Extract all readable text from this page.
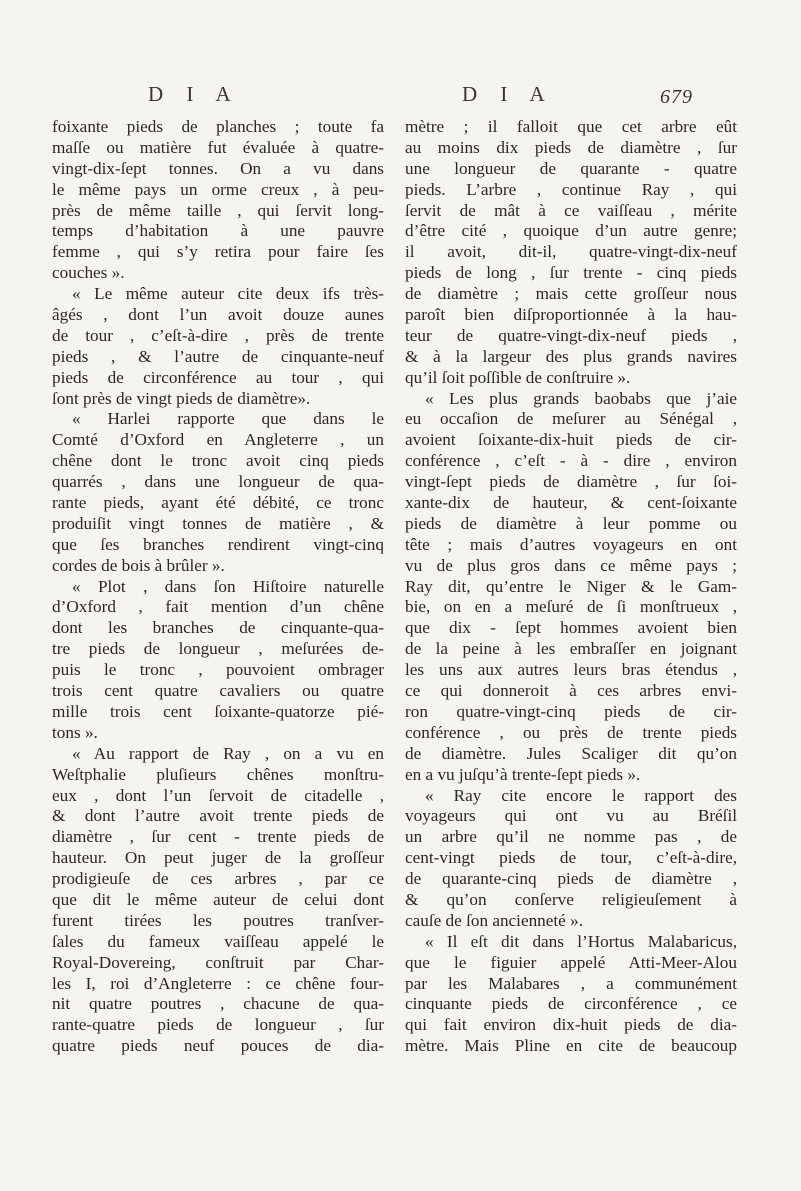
D I A	D I A	679
foixante pieds de planches ; toute fa
maſſe ou matière fut évaluée à quatre-
vingt-dix-ſept tonnes. On a vu dans
le même pays un orme creux , à peu-
près de même taille , qui ſervit long-
temps d’habitation à une pauvre
femme , qui s’y retira pour faire ſes
couches ».
« Le même auteur cite deux ifs très-
âgés , dont l’un avoit douze aunes
de tour , c’eſt-à-dire , près de trente
pieds , & l’autre de cinquante-neuf
pieds de circonférence au tour , qui
ſont près de vingt pieds de diamètre».
« Harlei rapporte que dans le
Comté d’Oxford en Angleterre , un
chêne dont le tronc avoit cinq pieds
quarrés , dans une longueur de qua-
rante pieds, ayant été débité, ce tronc
produiſit vingt tonnes de matière , &
que ſes branches rendirent vingt-cinq
cordes de bois à brûler ».
« Plot , dans ſon Hiſtoire naturelle
d’Oxford , fait mention d’un chêne
dont les branches de cinquante-qua-
tre pieds de longueur , meſurées de-
puis le tronc , pouvoient ombrager
trois cent quatre cavaliers ou quatre
mille trois cent ſoixante-quatorze pié-
tons ».
« Au rapport de Ray , on a vu en
Weſtphalie pluſieurs chênes monſtru-
eux , dont l’un ſervoit de citadelle ,
& dont l’autre avoit trente pieds de
diamètre , ſur cent - trente pieds de
hauteur. On peut juger de la groſſeur
prodigieuſe de ces arbres , par ce
que dit le même auteur de celui dont
furent tirées les poutres tranſver-
ſales du fameux vaiſſeau appelé le
Royal-Dovereing, conſtruit par Char-
les I, roi d’Angleterre : ce chêne four-
nit quatre poutres , chacune de qua-
rante-quatre pieds de longueur , ſur
quatre pieds neuf pouces de dia-
mètre ; il falloit que cet arbre eût
au moins dix pieds de diamètre , ſur
une longueur de quarante - quatre
pieds. L’arbre , continue Ray , qui
ſervit de mât à ce vaiſſeau , mérite
d’être cité , quoique d’un autre genre;
il avoit, dit-il, quatre-vingt-dix-neuf
pieds de long , ſur trente - cinq pieds
de diamètre ; mais cette groſſeur nous
paroît bien diſproportionnée à la hau-
teur de quatre-vingt-dix-neuf pieds ,
& à la largeur des plus grands navires
qu’il ſoit poſſible de conſtruire ».
« Les plus grands baobabs que j’aie
eu occaſion de meſurer au Sénégal ,
avoient ſoixante-dix-huit pieds de cir-
conférence , c’eſt - à - dire , environ
vingt-ſept pieds de diamètre , ſur ſoi-
xante-dix de hauteur, & cent-ſoixante
pieds de diamètre à leur pomme ou
tête ; mais d’autres voyageurs en ont
vu de plus gros dans ce même pays ;
Ray dit, qu’entre le Niger & le Gam-
bie, on en a meſuré de ſi monſtrueux ,
que dix - ſept hommes avoient bien
de la peine à les embraſſer en joignant
les uns aux autres leurs bras étendus ,
ce qui donneroit à ces arbres envi-
ron quatre-vingt-cinq pieds de cir-
conférence , ou près de trente pieds
de diamètre. Jules Scaliger dit qu’on
en a vu juſqu’à trente-ſept pieds ».
« Ray cite encore le rapport des
voyageurs qui ont vu au Bréſil
un arbre qu’il ne nomme pas , de
cent-vingt pieds de tour, c’eſt-à-dire,
de quarante-cinq pieds de diamètre ,
& qu’on conſerve religieuſement à
cauſe de ſon ancienneté ».
« Il eſt dit dans l’Hortus Malabaricus,
que le figuier appelé Atti-Meer-Alou
par les Malabares , a communément
cinquante pieds de circonférence , ce
qui fait environ dix-huit pieds de dia-
mètre. Mais Pline en cite de beaucoup
